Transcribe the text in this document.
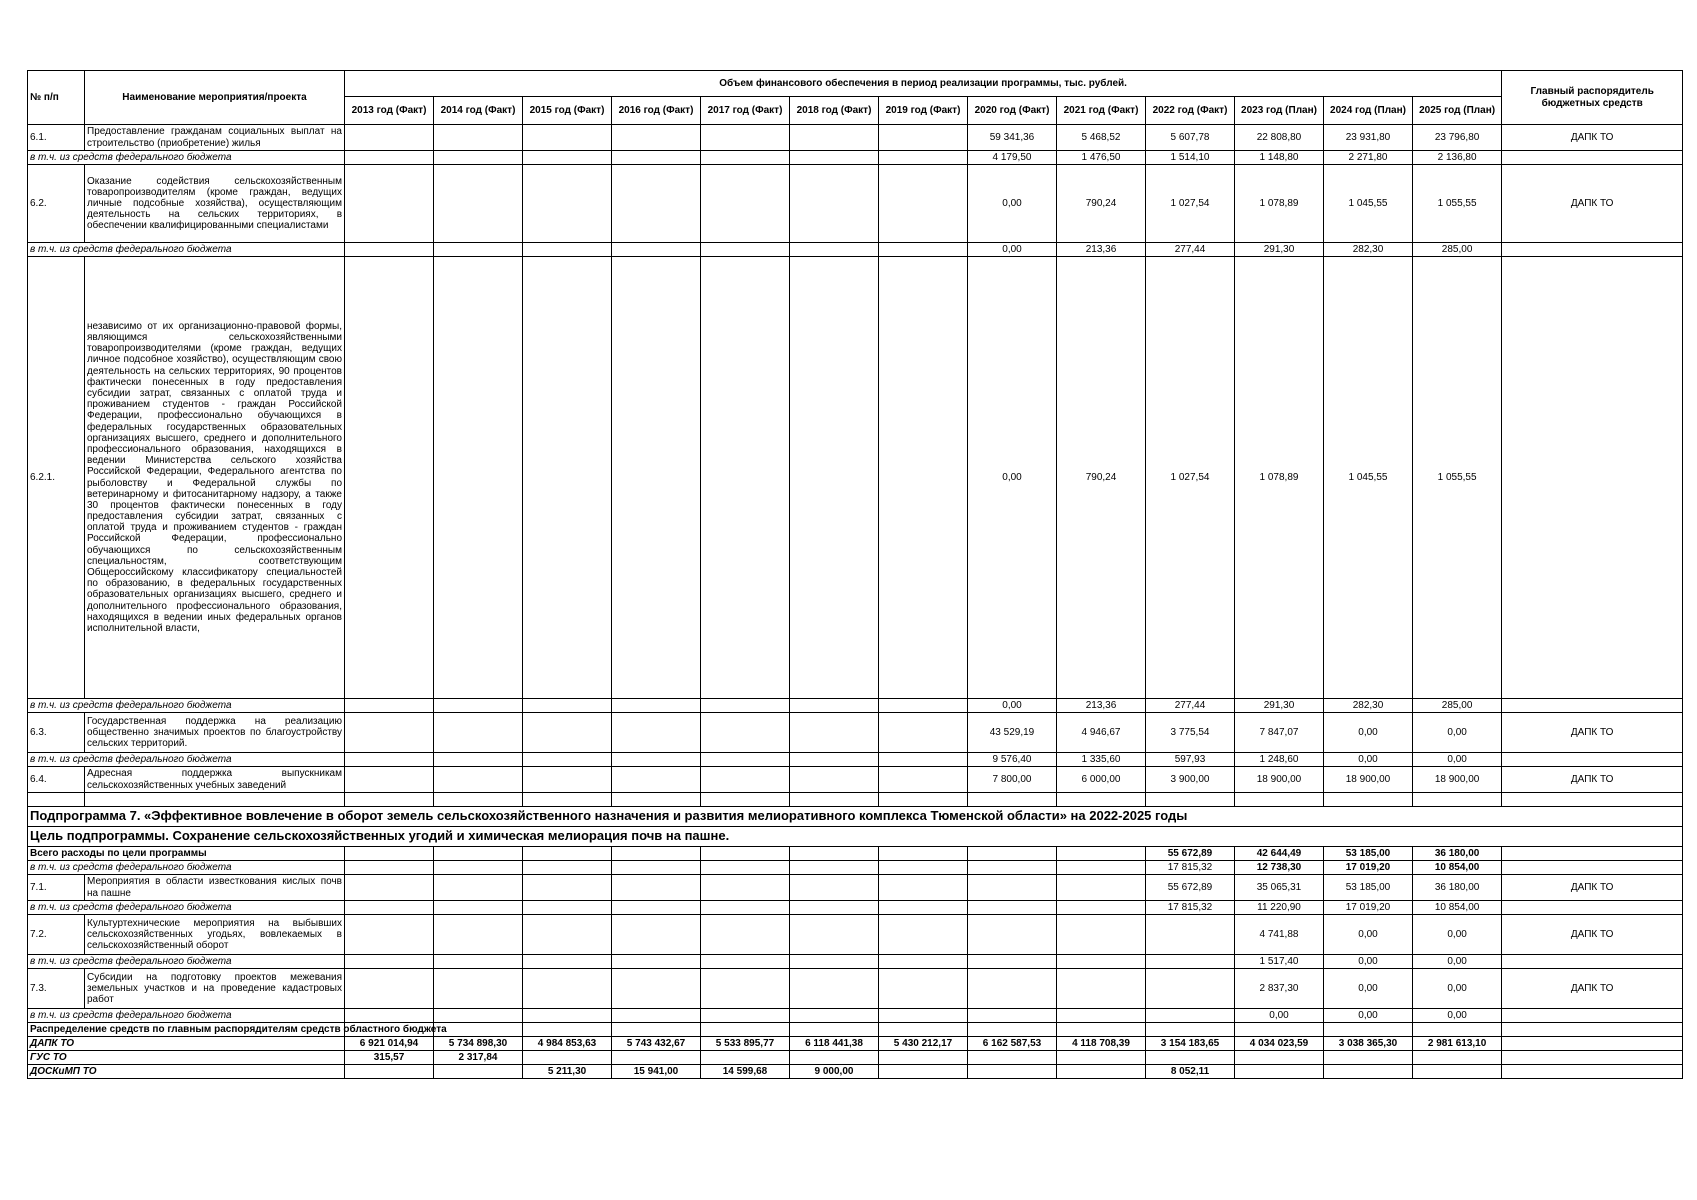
№ п/п	Наименование мероприятия/проекта	Объем финансового обеспечения в период реализации программы, тыс. рублей.													Главный распорядитель бюджетных средств
		2013 год (Факт)	2014 год (Факт)	2015 год (Факт)	2016 год (Факт)	2017 год (Факт)	2018 год (Факт)	2019 год (Факт)	2020 год (Факт)	2021 год (Факт)	2022 год (Факт)	2023 год (План)	2024 год (План)	2025 год (План)	
6.1.	Предоставление гражданам социальных выплат на строительство (приобретение) жилья								59 341,36	5 468,52	5 607,78	22 808,80	23 931,80	23 796,80	ДАПК ТО
в т.ч. из средств федерального бюджета									4 179,50	1 476,50	1 514,10	1 148,80	2 271,80	2 136,80	
6.2.	Оказание содействия сельскохозяйственным товаропроизводителям (кроме граждан, ведущих личные подсобные хозяйства), осуществляющим деятельность на сельских территориях, в обеспечении квалифицированными специалистами								0,00	790,24	1 027,54	1 078,89	1 045,55	1 055,55	ДАПК ТО
в т.ч. из средств федерального бюджета									0,00	213,36	277,44	291,30	282,30	285,00	
6.2.1.	независимо от их организационно-правовой формы, являющимся сельскохозяйственными товаропроизводителями (кроме граждан, ведущих личное подсобное хозяйство), осуществляющим свою деятельность на сельских территориях, 90 процентов фактически понесенных в году предоставления субсидии затрат, связанных с оплатой труда и проживанием студентов - граждан Российской Федерации, профессионально обучающихся в федеральных государственных образовательных организациях высшего, среднего и дополнительного профессионального образования, находящихся в ведении Министерства сельского хозяйства Российской Федерации, Федерального агентства по рыболовству и Федеральной службы по ветеринарному и фитосанитарному надзору, а также 30 процентов фактически понесенных в году предоставления субсидии затрат, связанных с оплатой труда и проживанием студентов - граждан Российской Федерации, профессионально обучающихся по сельскохозяйственным специальностям, соответствующим Общероссийскому классификатору специальностей по образованию, в федеральных государственных образовательных организациях высшего, среднего и дополнительного профессионального образования, находящихся в ведении иных федеральных органов исполнительной власти,								0,00	790,24	1 027,54	1 078,89	1 045,55	1 055,55	
в т.ч. из средств федерального бюджета									0,00	213,36	277,44	291,30	282,30	285,00	
6.3.	Государственная поддержка на реализацию общественно значимых проектов по благоустройству сельских территорий.								43 529,19	4 946,67	3 775,54	7 847,07	0,00	0,00	ДАПК ТО
в т.ч. из средств федерального бюджета									9 576,40	1 335,60	597,93	1 248,60	0,00	0,00	
6.4.	Адресная поддержка выпускникам сельскохозяйственных учебных заведений								7 800,00	6 000,00	3 900,00	18 900,00	18 900,00	18 900,00	ДАПК ТО

Подпрограмма 7. «Эффективное вовлечение в оборот земель сельскохозяйственного назначения и развития мелиоративного комплекса Тюменской области» на 2022-2025 годы															
Цель подпрограммы. Сохранение сельскохозяйственных угодий и химическая мелиорация почв на пашне.															
Всего расходы по цели программы											55 672,89	42 644,49	53 185,00	36 180,00	
в т.ч. из средств федерального бюджета											17 815,32	12 738,30	17 019,20	10 854,00	
7.1.	Мероприятия в области известкования кислых почв на пашне										55 672,89	35 065,31	53 185,00	36 180,00	ДАПК ТО
в т.ч. из средств федерального бюджета											17 815,32	11 220,90	17 019,20	10 854,00	
7.2.	Культуртехнические мероприятия на выбывших сельскохозяйственных угодьях, вовлекаемых в сельскохозяйственный оборот											4 741,88	0,00	0,00	ДАПК ТО
в т.ч. из средств федерального бюджета												1 517,40	0,00	0,00	
7.3.	Субсидии на подготовку проектов межевания земельных участков и на проведение кадастровых работ											2 837,30	0,00	0,00	ДАПК ТО
в т.ч. из средств федерального бюджета												0,00	0,00	0,00	
Распределение средств по главным распорядителям средств областного бюджета															
ДАПК ТО		6 921 014,94	5 734 898,30	4 984 853,63	5 743 432,67	5 533 895,77	6 118 441,38	5 430 212,17	6 162 587,53	4 118 708,39	3 154 183,65	4 034 023,59	3 038 365,30	2 981 613,10	
ГУС ТО		315,57	2 317,84												
ДОСКиМП ТО				5 211,30	15 941,00	14 599,68	9 000,00				8 052,11				
